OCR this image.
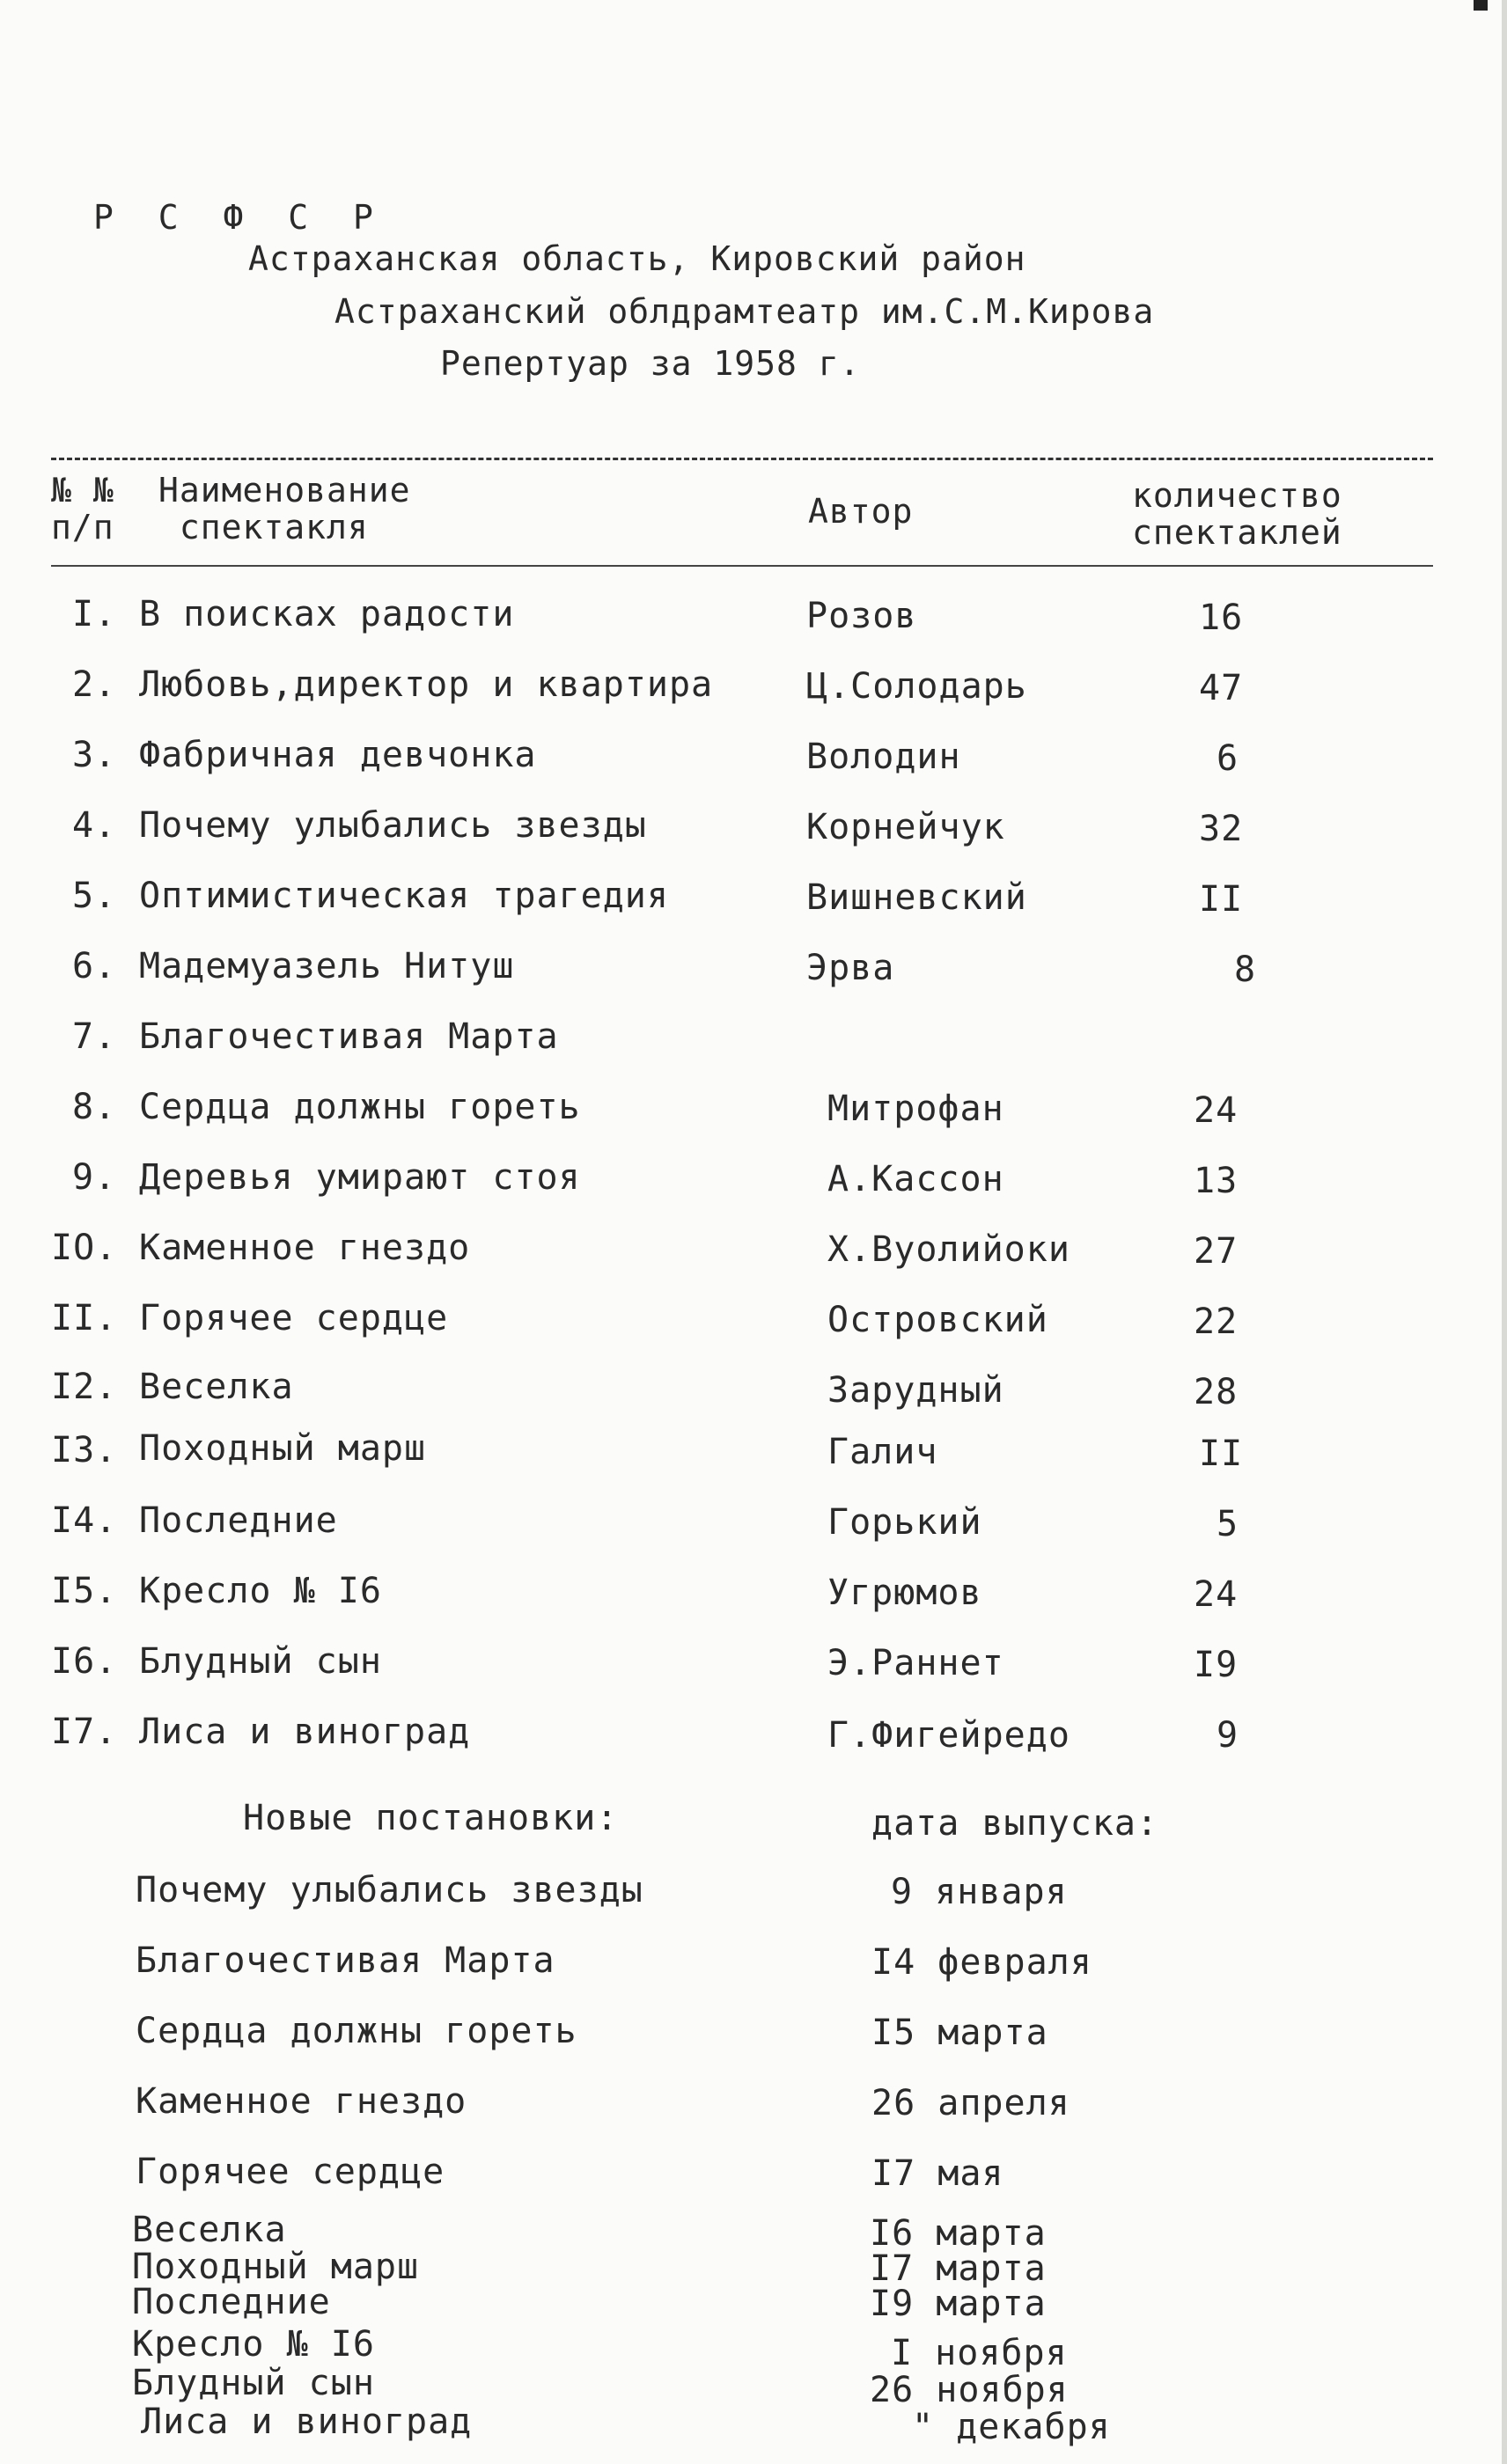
Р С Ф С Р
Астраханская область, Кировский район
Астраханский облдрамтеатр им.С.М.Кирова
Репертуар за 1958 г.
№ №
п/п
Наименование
спектакля	Автор	количество
спектаклей
I. В поисках радости	Розов	16
2. Любовь,директор и квартира	Ц.Солодарь	47
3. Фабричная девчонка	Володин	6
4. Почему улыбались звезды	Корнейчук	32
5. Оптимистическая трагедия	Вишневский	II
6. Мадемуазель Нитуш	Эрва	8
7. Благочестивая Марта
8. Сердца должны гореть	Митрофан	24
9. Деревья умирают стоя	А.Кассон	13
IO. Каменное гнездо	Х.Вуолийоки	27
II. Горячее сердце	Островский	22
I2. Веселка	Зарудный	28
I3. Походный марш	Галич	II
I4. Последние	Горький	5
I5. Кресло № I6	Угрюмов	24
I6. Блудный сын	Э.Раннет	I9
I7. Лиса и виноград	Г.Фигейредо	9
Новые постановки:	дата выпуска:
Почему улыбались звезды	9 января
Благочестивая Марта	I4 февраля
Сердца должны гореть	I5 марта
Каменное гнездо	26 апреля
Горячее сердце	I7 мая
Веселка	I6 марта
Походный марш	I7 марта
Последние	I9 марта
Кресло № I6	I ноября
Блудный сын	26 ноября
Лиса и виноград	" декабря
